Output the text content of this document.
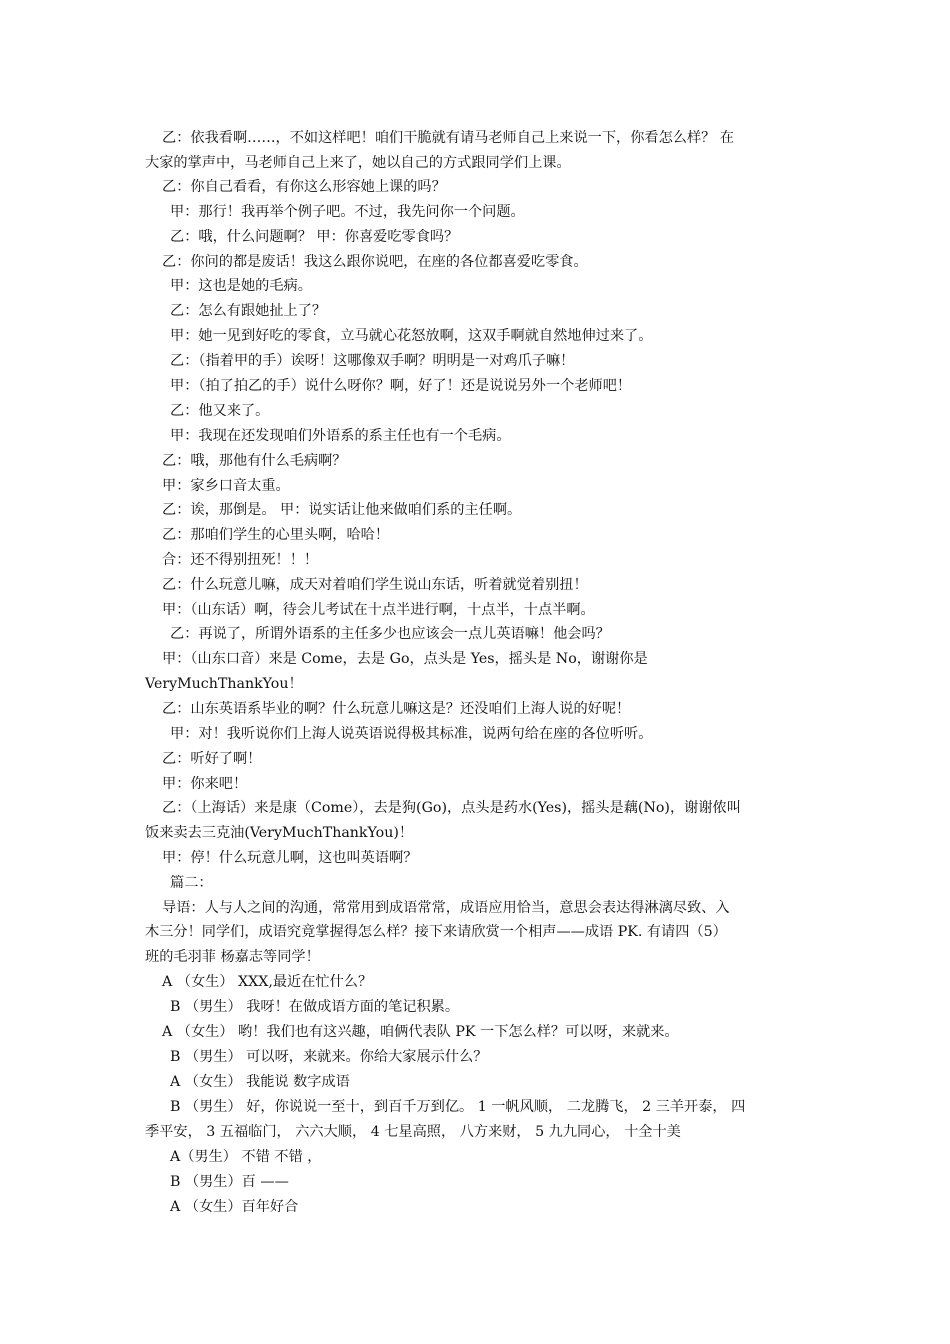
乙：依我看啊……，不如这样吧！咱们干脆就有请马老师自己上来说一下，你看怎么样？ 在
大家的掌声中，马老师自己上来了，她以自己的方式跟同学们上课。
乙：你自己看看，有你这么形容她上课的吗？
甲：那行！我再举个例子吧。不过，我先问你一个问题。
乙：哦，什么问题啊？ 甲：你喜爱吃零食吗？
乙：你问的都是废话！我这么跟你说吧，在座的各位都喜爱吃零食。
甲：这也是她的毛病。
乙：怎么有跟她扯上了？
甲：她一见到好吃的零食，立马就心花怒放啊，这双手啊就自然地伸过来了。
乙：（指着甲的手）诶呀！这哪像双手啊？明明是一对鸡爪子嘛！
甲：（拍了拍乙的手）说什么呀你？啊，好了！还是说说另外一个老师吧！
乙：他又来了。
甲：我现在还发现咱们外语系的系主任也有一个毛病。
乙：哦，那他有什么毛病啊？
甲：家乡口音太重。
乙：诶，那倒是。 甲：说实话让他来做咱们系的主任啊。
乙：那咱们学生的心里头啊，哈哈！
合：还不得别扭死！！！
乙：什么玩意儿嘛，成天对着咱们学生说山东话，听着就觉着别扭！
甲：（山东话）啊，待会儿考试在十点半进行啊，十点半，十点半啊。
乙：再说了，所谓外语系的主任多少也应该会一点儿英语嘛！他会吗？
甲：（山东口音）来是 Come，去是 Go，点头是 Yes，摇头是 No，谢谢你是
VeryMuchThankYou！
乙：山东英语系毕业的啊？什么玩意儿嘛这是？还没咱们上海人说的好呢！
甲：对！我听说你们上海人说英语说得极其标准，说两句给在座的各位听听。
乙：听好了啊！
甲：你来吧！
乙：（上海话）来是康（Come），去是狗(Go)，点头是药水(Yes)，摇头是藕(No)，谢谢侬叫
饭来卖去三克油(VeryMuchThankYou)！
甲：停！什么玩意儿啊，这也叫英语啊？
篇二：
导语：人与人之间的沟通，常常用到成语常常，成语应用恰当，意思会表达得淋漓尽致、入
木三分！同学们，成语究竟掌握得怎么样？接下来请欣赏一个相声——成语 PK. 有请四（5）
班的毛羽菲 杨嘉志等同学！
A （女生） XXX,最近在忙什么？
B （男生） 我呀！在做成语方面的笔记积累。
A （女生） 哟！我们也有这兴趣，咱俩代表队 PK 一下怎么样？可以呀，来就来。
B （男生） 可以呀，来就来。你给大家展示什么？
A （女生） 我能说 数字成语
B （男生） 好，你说说一至十，到百千万到亿。 1 一帆风顺， 二龙腾飞， 2 三羊开泰， 四
季平安， 3 五福临门， 六六大顺， 4 七星高照， 八方来财， 5 九九同心， 十全十美
A（男生） 不错 不错 ，
B （男生）百 ——
A （女生）百年好合
